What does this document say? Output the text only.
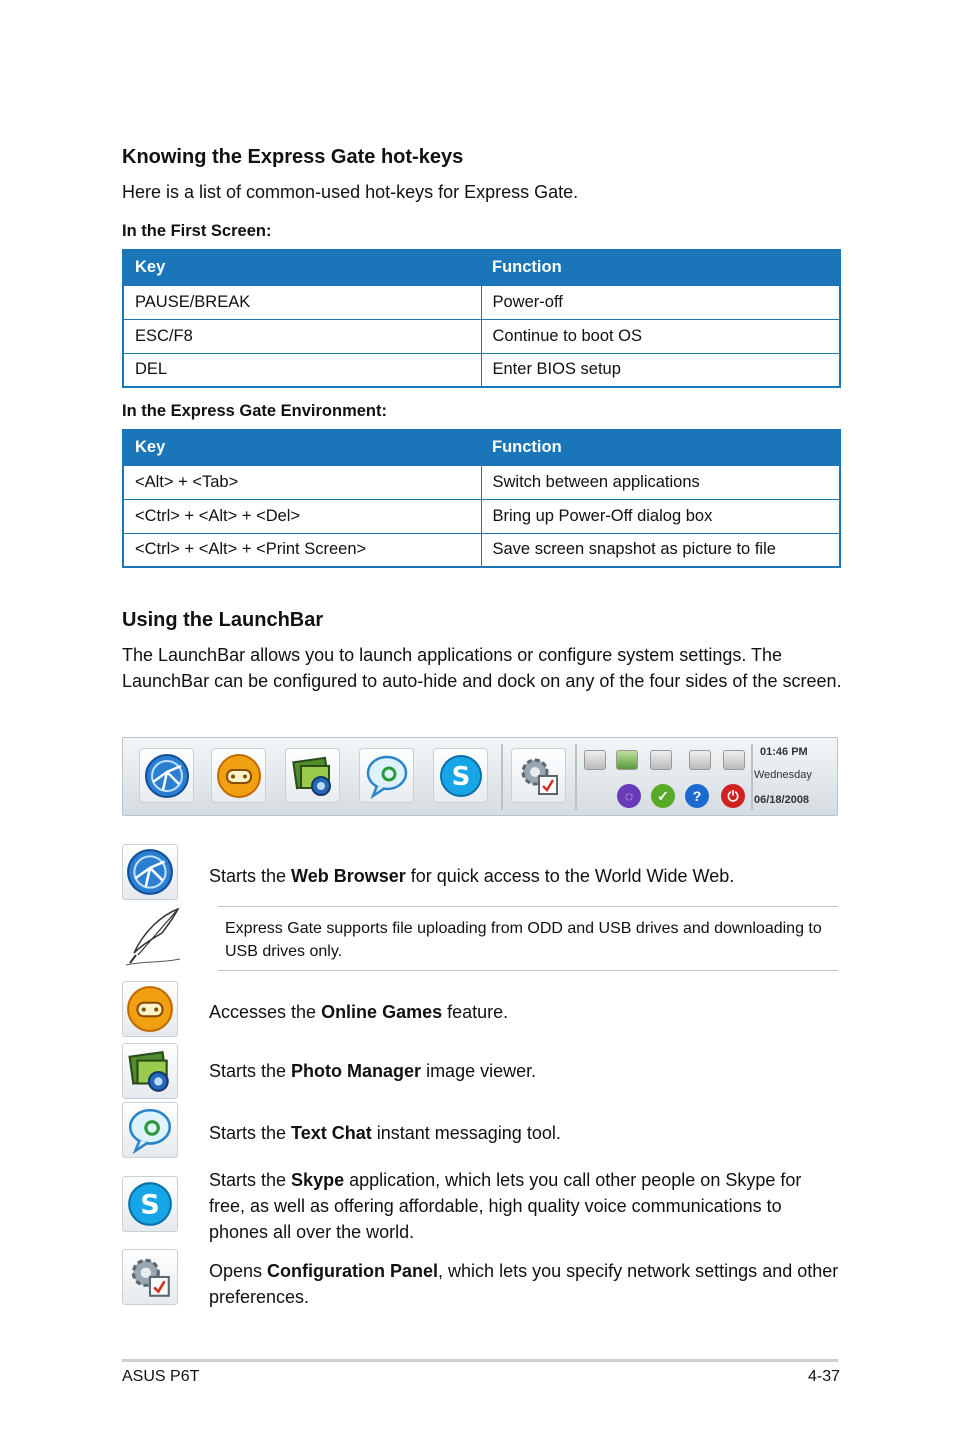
Knowing the Express Gate hot-keys
Here is a list of common-used hot-keys for Express Gate.
In the First Screen:
Key	Function
PAUSE/BREAK	Power-off
ESC/F8	Continue to boot OS
DEL	Enter BIOS setup
In the Express Gate Environment:
Key	Function
<Alt> + <Tab>	Switch between applications
<Ctrl> + <Alt> + <Del>	Bring up Power-Off dialog box
<Ctrl> + <Alt> + <Print Screen>	Save screen snapshot as picture to file
Using the LaunchBar
The LaunchBar allows you to launch applications or configure system settings. The LaunchBar can be configured to auto-hide and dock on any of the four sides of the screen.
S
◌	✓	?	⏻
01:46 PM
Wednesday
06/18/2008
Starts the Web Browser for quick access to the World Wide Web.
Express Gate supports file uploading from ODD and USB drives and downloading to USB drives only.
Accesses the Online Games feature.
Starts the Photo Manager image viewer.
Starts the Text Chat instant messaging tool.
S
Starts the Skype application, which lets you call other people on Skype for free, as well as offering affordable, high quality voice communications to phones all over the world.
Opens Configuration Panel, which lets you specify network settings and other preferences.
ASUS P6T	4-37
